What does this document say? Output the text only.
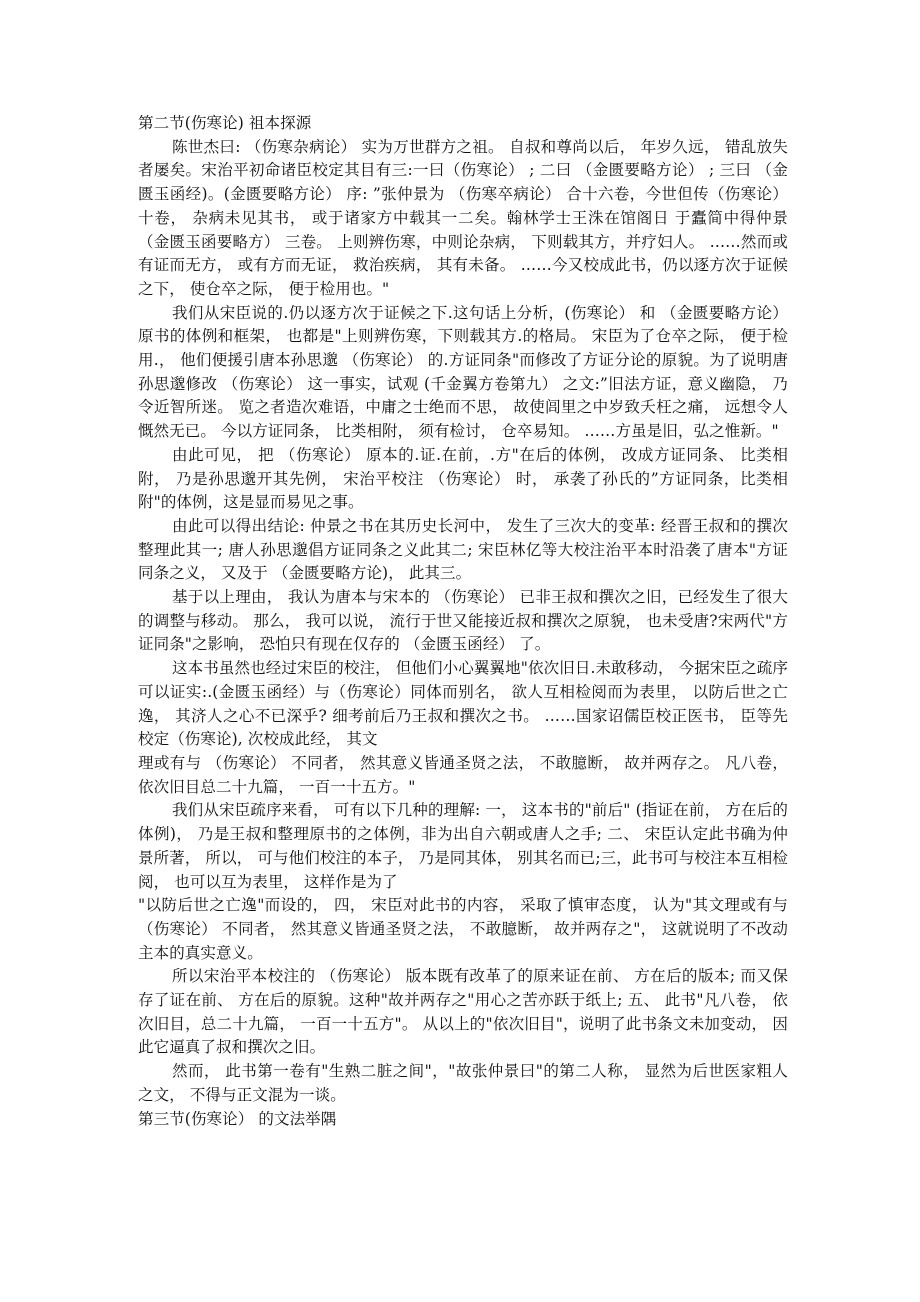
第二节(伤寒论) 祖本探源

陈世杰曰: （伤寒杂病论） 实为万世群方之祖。 自叔和尊尚以后， 年岁久远， 错乱放失者屡矣。宋治平初命诸臣校定其目有三:一曰（伤寒论） ; 二曰 （金匮要略方论） ; 三曰 （金匮玉函经)。(金匮要略方论） 序: ”张仲景为 （伤寒卒病论） 合十六卷，今世但传（伤寒论） 十卷， 杂病未见其书， 或于诸家方中载其一二矣。翰林学士王洙在馆阁日 于蠹简中得仲景 （金匮玉函要略方） 三卷。 上则辨伤寒，中则论杂病， 下则载其方，并疗妇人。 ……然而或有证而无方， 或有方而无证， 救治疾病， 其有未备。 ……今又校成此书，仍以逐方次于证候之下， 使仓卒之际， 便于检用也。"

我们从宋臣说的.仍以逐方次于证候之下.这句话上分析，(伤寒论） 和 （金匮要略方论）原书的体例和框架， 也都是"上则辨伤寒，下则载其方.的格局。 宋臣为了仓卒之际， 便于检用.， 他们便援引唐本孙思邈 （伤寒论） 的.方证同条"而修改了方证分论的原貌。为了说明唐孙思邈修改 （伤寒论） 这一事实，试观 (千金翼方卷第九） 之文:”旧法方证，意义幽隐， 乃令近智所迷。 览之者造次难语，中庸之士绝而不思， 故使闾里之中岁致夭枉之痛， 远想令人慨然无已。 今以方证同条， 比类相附， 须有检讨， 仓卒易知。 ……方虽是旧，弘之惟新。"

由此可见， 把 （伤寒论） 原本的.证.在前，.方"在后的体例， 改成方证同条、 比类相附， 乃是孙思邈开其先例， 宋治平校注 （伤寒论） 时， 承袭了孙氏的”方证同条，比类相附"的体例，这是显而易见之事。

由此可以得出结论: 仲景之书在其历史长河中， 发生了三次大的变革: 经晋王叔和的撰次整理此其一; 唐人孙思邈倡方证同条之义此其二; 宋臣林亿等大校注治平本时沿袭了唐本"方证同条之义， 又及于 （金匮要略方论)， 此其三。

基于以上理由， 我认为唐本与宋本的 （伤寒论） 已非王叔和撰次之旧，已经发生了很大的调整与移动。 那么， 我可以说， 流行于世又能接近叔和撰次之原貌， 也未受唐?宋两代"方证同条"之影响， 恐怕只有现在仅存的 （金匮玉函经） 了。

这本书虽然也经过宋臣的校注， 但他们小心翼翼地"依次旧日.未敢移动， 今据宋臣之疏序可以证实:.(金匮玉函经）与（伤寒论）同体而别名， 欲人互相检阅而为表里， 以防后世之亡逸， 其济人之心不已深乎? 细考前后乃王叔和撰次之书。 ……国家诏儒臣校正医书， 臣等先校定（伤寒论), 次校成此经， 其文

理或有与 （伤寒论） 不同者， 然其意义皆通圣贤之法， 不敢臆断， 故并两存之。 凡八卷， 依次旧目总二十九篇， 一百一十五方。"

我们从宋臣疏序来看， 可有以下几种的理解: 一， 这本书的"前后" (指证在前， 方在后的体例)， 乃是王叔和整理原书的之体例，非为出自六朝或唐人之手; 二、 宋臣认定此书确为仲景所著， 所以， 可与他们校注的本子， 乃是同其体， 别其名而已;三，此书可与校注本互相检阅， 也可以互为表里， 这样作是为了

"以防后世之亡逸"而设的， 四， 宋臣对此书的内容， 采取了慎审态度， 认为"其文理或有与 （伤寒论） 不同者， 然其意义皆通圣贤之法， 不敢臆断， 故并两存之"， 这就说明了不改动主本的真实意义。

所以宋治平本校注的 （伤寒论） 版本既有改革了的原来证在前、 方在后的版本; 而又保存了证在前、 方在后的原貌。这种"故并两存之"用心之苦亦跃于纸上; 五、 此书"凡八卷， 依次旧目，总二十九篇， 一百一十五方"。 从以上的"依次旧目"，说明了此书条文未加变动， 因此它逼真了叔和撰次之旧。

然而， 此书第一卷有"生熟二脏之间"，"故张仲景曰"的第二人称， 显然为后世医家粗人之文， 不得与正文混为一谈。

第三节(伤寒论） 的文法举隅
